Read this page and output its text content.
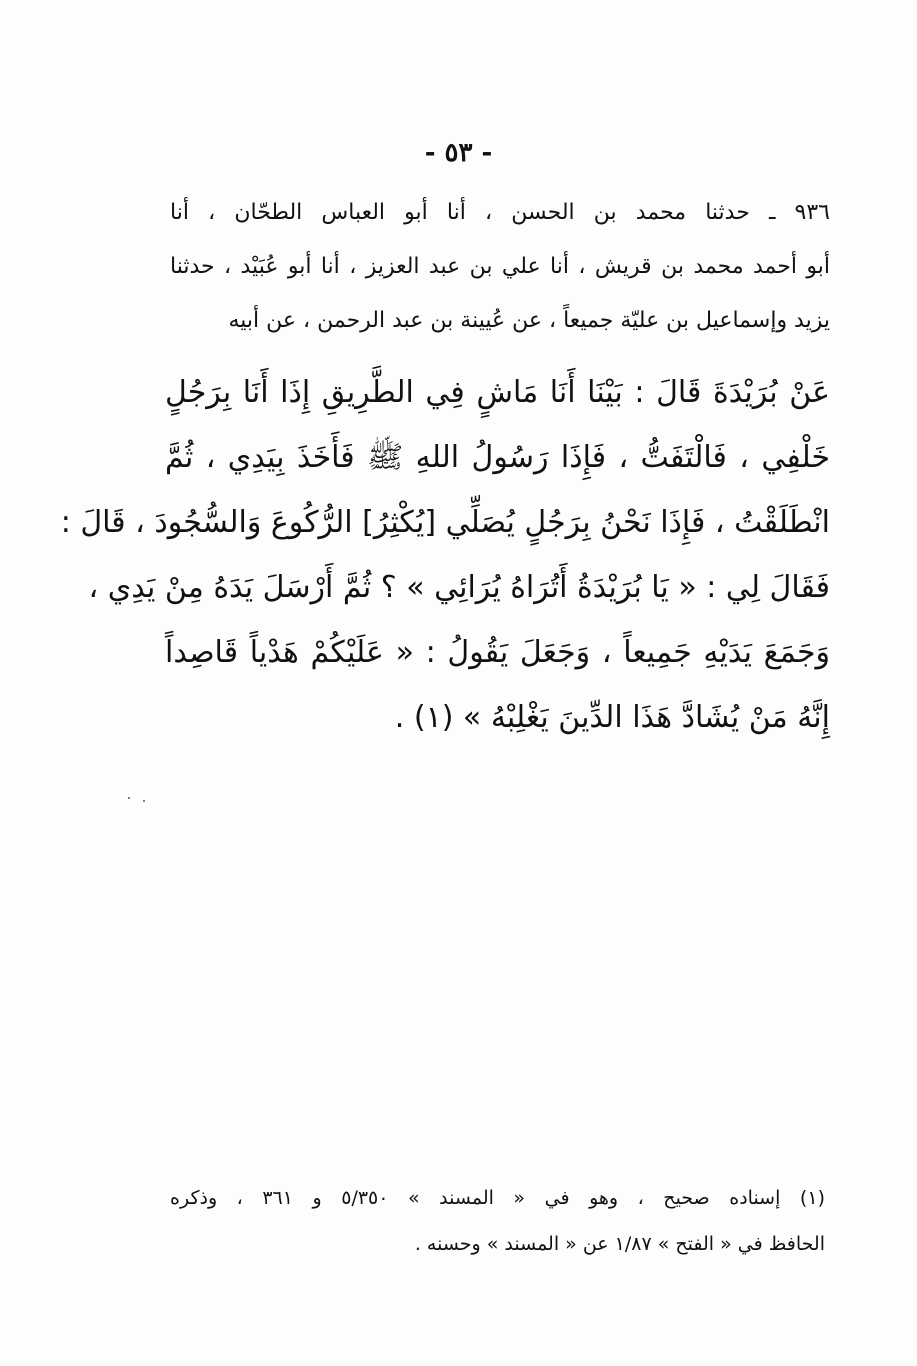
- ٥٣ -
٩٣٦ ـ حدثنا محمد بن الحسن ، أنا أبو العباس الطحّان ، أنا
أبو أحمد محمد بن قريش ، أنا علي بن عبد العزيز ، أنا أبو عُبَيْد ، حدثنا
يزيد وإسماعيل بن عليّة جميعاً ، عن عُيينة بن عبد الرحمن ، عن أبيه
عَنْ بُرَيْدَةَ قَالَ : بَيْنَا أَنَا مَاشٍ فِي الطَّرِيقِ إِذَا أَنَا بِرَجُلٍ
خَلْفِي ، فَالْتَفَتُّ ، فَإِذَا رَسُولُ اللهِ ﷺ فَأَخَذَ بِيَدِي ، ثُمَّ
انْطَلَقْتُ ، فَإِذَا نَحْنُ بِرَجُلٍ يُصَلِّي [يُكْثِرُ] الرُّكُوعَ وَالسُّجُودَ ، قَالَ :
فَقَالَ لِي : « يَا بُرَيْدَةُ أَتُرَاهُ يُرَائِي » ؟ ثُمَّ أَرْسَلَ يَدَهُ مِنْ يَدِي ،
وَجَمَعَ يَدَيْهِ جَمِيعاً ، وَجَعَلَ يَقُولُ : « عَلَيْكُمْ هَدْياً قَاصِداً
إِنَّهُ مَنْ يُشَادَّ هَذَا الدِّينَ يَغْلِبْهُ » (١) .
(١) إسناده صحيح ، وهو في « المسند » ٥/٣٥٠ و ٣٦١ ، وذكره
الحافظ في « الفتح » ١/٨٧ عن « المسند » وحسنه .
